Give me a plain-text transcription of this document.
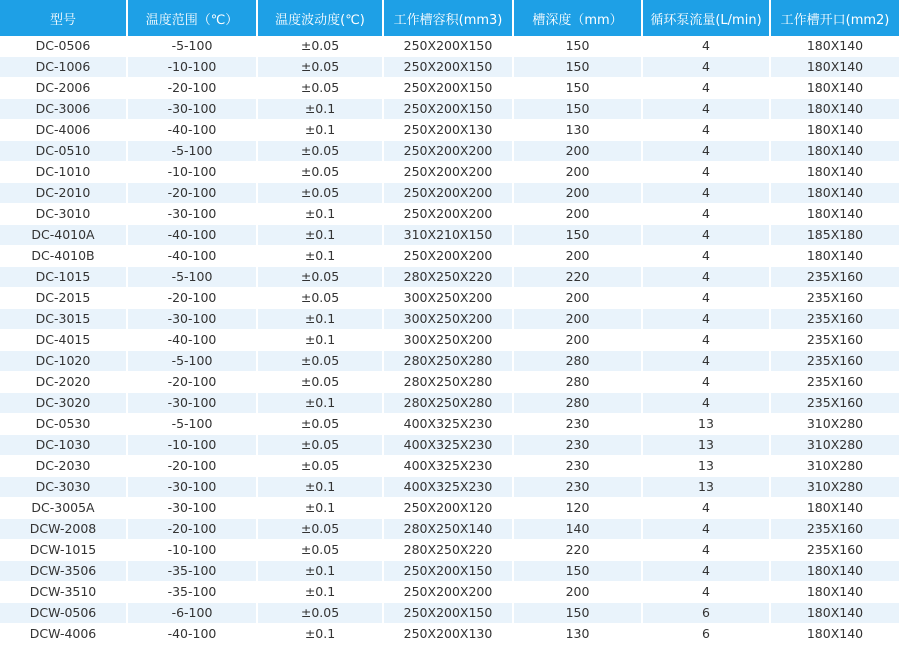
型号	温度范围（℃）	温度波动度(℃)	工作槽容积(mm3)	槽深度（mm）	循环泵流量(L/min)	工作槽开口(mm2)
DC-0506	-5-100	±0.05	250X200X150	150	4	180X140
DC-1006	-10-100	±0.05	250X200X150	150	4	180X140
DC-2006	-20-100	±0.05	250X200X150	150	4	180X140
DC-3006	-30-100	±0.1	250X200X150	150	4	180X140
DC-4006	-40-100	±0.1	250X200X130	130	4	180X140
DC-0510	-5-100	±0.05	250X200X200	200	4	180X140
DC-1010	-10-100	±0.05	250X200X200	200	4	180X140
DC-2010	-20-100	±0.05	250X200X200	200	4	180X140
DC-3010	-30-100	±0.1	250X200X200	200	4	180X140
DC-4010A	-40-100	±0.1	310X210X150	150	4	185X180
DC-4010B	-40-100	±0.1	250X200X200	200	4	180X140
DC-1015	-5-100	±0.05	280X250X220	220	4	235X160
DC-2015	-20-100	±0.05	300X250X200	200	4	235X160
DC-3015	-30-100	±0.1	300X250X200	200	4	235X160
DC-4015	-40-100	±0.1	300X250X200	200	4	235X160
DC-1020	-5-100	±0.05	280X250X280	280	4	235X160
DC-2020	-20-100	±0.05	280X250X280	280	4	235X160
DC-3020	-30-100	±0.1	280X250X280	280	4	235X160
DC-0530	-5-100	±0.05	400X325X230	230	13	310X280
DC-1030	-10-100	±0.05	400X325X230	230	13	310X280
DC-2030	-20-100	±0.05	400X325X230	230	13	310X280
DC-3030	-30-100	±0.1	400X325X230	230	13	310X280
DC-3005A	-30-100	±0.1	250X200X120	120	4	180X140
DCW-2008	-20-100	±0.05	280X250X140	140	4	235X160
DCW-1015	-10-100	±0.05	280X250X220	220	4	235X160
DCW-3506	-35-100	±0.1	250X200X150	150	4	180X140
DCW-3510	-35-100	±0.1	250X200X200	200	4	180X140
DCW-0506	-6-100	±0.05	250X200X150	150	6	180X140
DCW-4006	-40-100	±0.1	250X200X130	130	6	180X140
